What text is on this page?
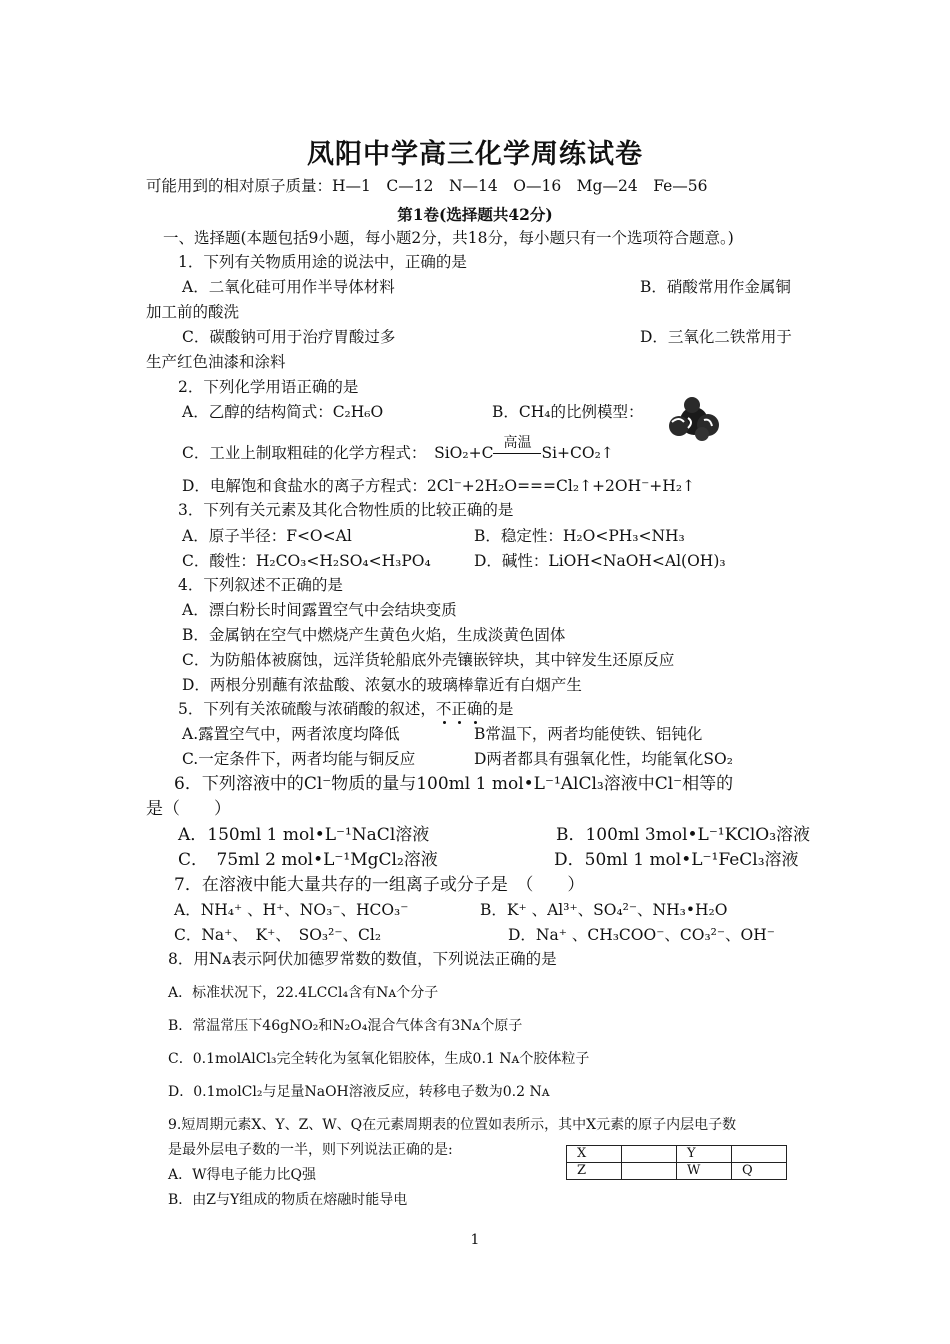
凤阳中学高三化学周练试卷
可能用到的相对原子质量：H—1　C—12　N—14　O—16　Mg—24　Fe—56
第1卷(选择题共42分)
一、选择题(本题包括9小题，每小题2分，共18分，每小题只有一个选项符合题意。)
1．下列有关物质用途的说法中，正确的是
A．二氧化硅可用作半导体材料	B．硝酸常用作金属铜
加工前的酸洗
C．碳酸钠可用于治疗胃酸过多	D．三氧化二铁常用于
生产红色油漆和涂料
2．下列化学用语正确的是
A．乙醇的结构简式：C₂H₆O	B．CH₄的比例模型：
C．工业上制取粗硅的化学方程式：　SiO₂+C
高温
Si+CO₂↑
D．电解饱和食盐水的离子方程式：2Cl⁻+2H₂O===Cl₂↑+2OH⁻+H₂↑
3．下列有关元素及其化合物性质的比较正确的是
A．原子半径：F<O<Al	B．稳定性：H₂O<PH₃<NH₃
C．酸性：H₂CO₃<H₂SO₄<H₃PO₄	D．碱性：LiOH<NaOH<Al(OH)₃
4．下列叙述不正确的是
A．漂白粉长时间露置空气中会结块变质
B．金属钠在空气中燃烧产生黄色火焰，生成淡黄色固体
C．为防船体被腐蚀，远洋货轮船底外壳镶嵌锌块，其中锌发生还原反应
D．两根分别蘸有浓盐酸、浓氨水的玻璃棒靠近有白烟产生
5．下列有关浓硫酸与浓硝酸的叙述，不正确的是
A.露置空气中，两者浓度均降低	B常温下，两者均能使铁、铝钝化
C.一定条件下，两者均能与铜反应	D两者都具有强氧化性，均能氧化SO₂
6．下列溶液中的Cl⁻物质的量与100ml 1 mol•L⁻¹AlCl₃溶液中Cl⁻相等的
是（　　）
A．150ml 1 mol•L⁻¹NaCl溶液	B．100ml 3mol•L⁻¹KClO₃溶液
C．　75ml 2 mol•L⁻¹MgCl₂溶液	D．50ml 1 mol•L⁻¹FeCl₃溶液
7．在溶液中能大量共存的一组离子或分子是　（　　）
A．NH₄⁺ 、H⁺、NO₃⁻、HCO₃⁻	B．K⁺ 、Al³⁺、SO₄²⁻、NH₃•H₂O
C．Na⁺、　K⁺、　SO₃²⁻、Cl₂	D．Na⁺ 、CH₃COO⁻、CO₃²⁻、OH⁻
8．用Nᴀ表示阿伏加德罗常数的数值，下列说法正确的是
A．标准状况下，22.4LCCl₄含有Nᴀ个分子
B．常温常压下46gNO₂和N₂O₄混合气体含有3Nᴀ个原子
C．0.1molAlCl₃完全转化为氢氧化铝胶体，生成0.1 Nᴀ个胶体粒子
D．0.1molCl₂与足量NaOH溶液反应，转移电子数为0.2 Nᴀ
9.短周期元素X、Y、Z、W、Q在元素周期表的位置如表所示，其中X元素的原子内层电子数
是最外层电子数的一半，则下列说法正确的是:
A．W得电子能力比Q强
B．由Z与Y组成的物质在熔融时能导电
X		Y	
Z		W	Q
1
